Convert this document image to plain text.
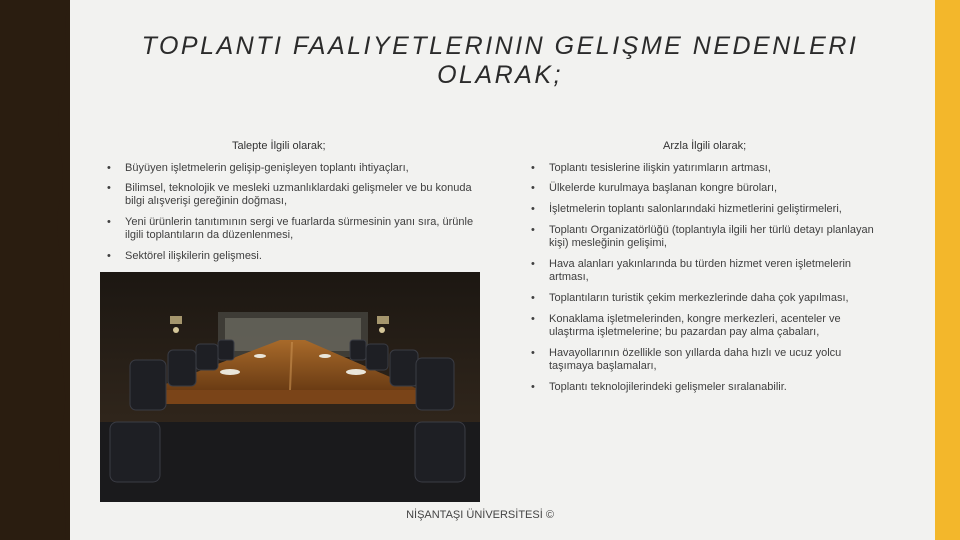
TOPLANTI FAALIYETLERININ GELIŞME NEDENLERI
OLARAK;
Talepte İlgili olarak;	Arzla İlgili olarak;
• Büyüyen işletmelerin gelişip-genişleyen toplantı ihtiyaçları,
• Bilimsel, teknolojik ve mesleki uzmanlıklardaki gelişmeler ve bu konuda bilgi alışverişi gereğinin doğması,
• Yeni ürünlerin tanıtımının sergi ve fuarlarda sürmesinin yanı sıra, ürünle ilgili toplantıların da düzenlenmesi,
• Sektörel ilişkilerin gelişmesi.
• Toplantı tesislerine ilişkin yatırımların artması,
• Ülkelerde kurulmaya başlanan kongre büroları,
• İşletmelerin toplantı salonlarındaki hizmetlerini geliştirmeleri,
• Toplantı Organizatörlüğü (toplantıyla ilgili her türlü detayı planlayan kişi) mesleğinin gelişimi,
• Hava alanları yakınlarında bu türden hizmet veren işletmelerin artması,
• Toplantıların turistik çekim merkezlerinde daha çok yapılması,
• Konaklama işletmelerinden, kongre merkezleri, acenteler ve ulaştırma işletmelerine; bu pazardan pay alma çabaları,
• Havayollarının özellikle son yıllarda daha hızlı ve ucuz yolcu taşımaya başlamaları,
• Toplantı teknolojilerindeki gelişmeler sıralanabilir.
NİŞANTAŞI ÜNİVERSİTESİ ©
